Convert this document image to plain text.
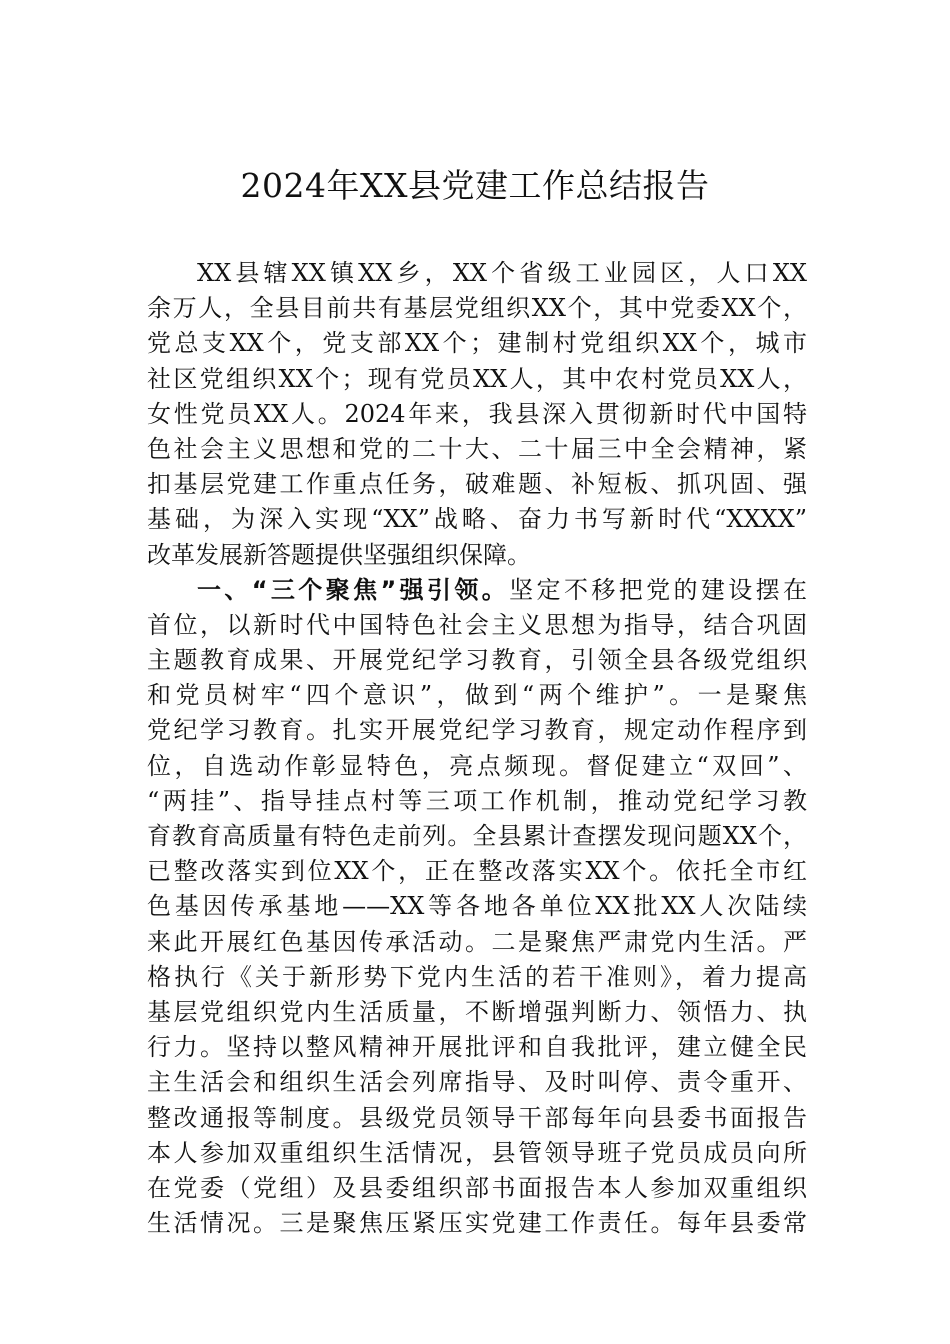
2024年XX县党建工作总结报告
XX县辖XX镇XX乡，XX个省级工业园区，人口XX
余万人，全县目前共有基层党组织XX个，其中党委XX个，
党总支XX个，党支部XX个；建制村党组织XX个，城市
社区党组织XX个；现有党员XX人，其中农村党员XX人，
女性党员XX人。2024年来，我县深入贯彻新时代中国特
色社会主义思想和党的二十大、二十届三中全会精神，紧
扣基层党建工作重点任务，破难题、补短板、抓巩固、强
基础，为深入实现“XX”战略、奋力书写新时代“XXXX”
改革发展新答题提供坚强组织保障。
一、“三个聚焦”强引领。坚定不移把党的建设摆在
首位，以新时代中国特色社会主义思想为指导，结合巩固
主题教育成果、开展党纪学习教育，引领全县各级党组织
和党员树牢“四个意识”，做到“两个维护”。一是聚焦
党纪学习教育。扎实开展党纪学习教育，规定动作程序到
位，自选动作彰显特色，亮点频现。督促建立“双回”、
“两挂”、指导挂点村等三项工作机制，推动党纪学习教
育教育高质量有特色走前列。全县累计查摆发现问题XX个，
已整改落实到位XX个，正在整改落实XX个。依托全市红
色基因传承基地——XX等各地各单位XX批XX人次陆续
来此开展红色基因传承活动。二是聚焦严肃党内生活。严
格执行《关于新形势下党内生活的若干准则》，着力提高
基层党组织党内生活质量，不断增强判断力、领悟力、执
行力。坚持以整风精神开展批评和自我批评，建立健全民
主生活会和组织生活会列席指导、及时叫停、责令重开、
整改通报等制度。县级党员领导干部每年向县委书面报告
本人参加双重组织生活情况，县管领导班子党员成员向所
在党委（党组）及县委组织部书面报告本人参加双重组织
生活情况。三是聚焦压紧压实党建工作责任。每年县委常
